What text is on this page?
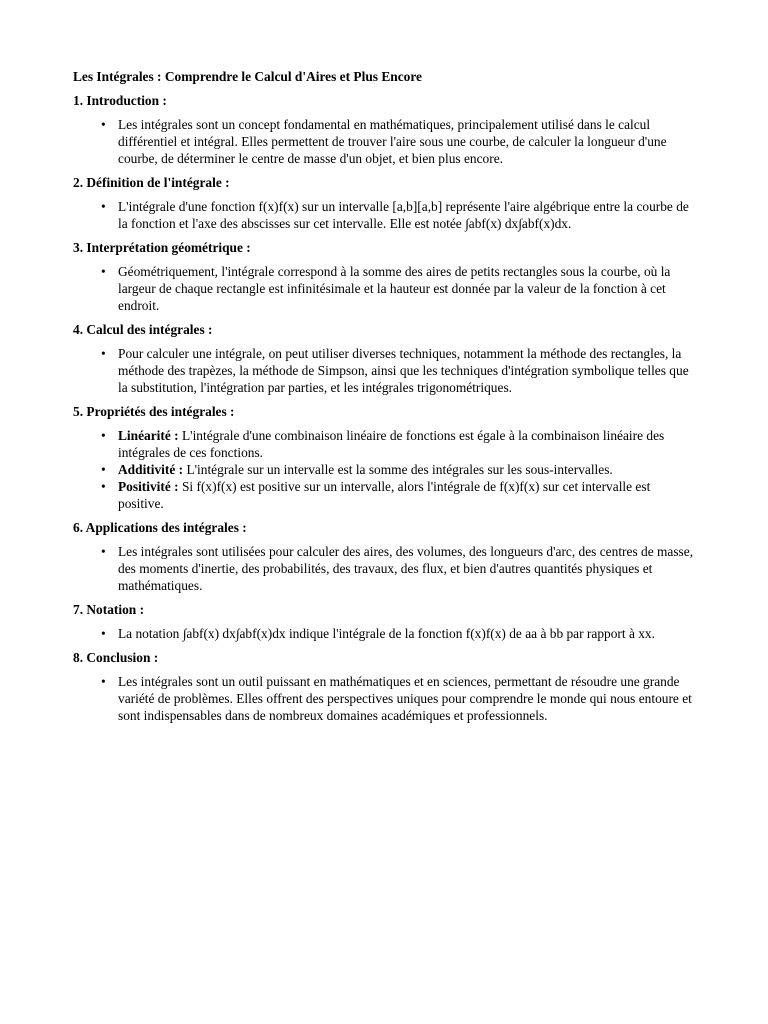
Les Intégrales : Comprendre le Calcul d'Aires et Plus Encore
1. Introduction :
• Les intégrales sont un concept fondamental en mathématiques, principalement utilisé dans le calcul différentiel et intégral. Elles permettent de trouver l'aire sous une courbe, de calculer la longueur d'une courbe, de déterminer le centre de masse d'un objet, et bien plus encore.
2. Définition de l'intégrale :
• L'intégrale d'une fonction f(x)f(x) sur un intervalle [a,b][a,b] représente l'aire algébrique entre la courbe de la fonction et l'axe des abscisses sur cet intervalle. Elle est notée ∫abf(x) dx∫abf(x)dx.
3. Interprétation géométrique :
• Géométriquement, l'intégrale correspond à la somme des aires de petits rectangles sous la courbe, où la largeur de chaque rectangle est infinitésimale et la hauteur est donnée par la valeur de la fonction à cet endroit.
4. Calcul des intégrales :
• Pour calculer une intégrale, on peut utiliser diverses techniques, notamment la méthode des rectangles, la méthode des trapèzes, la méthode de Simpson, ainsi que les techniques d'intégration symbolique telles que la substitution, l'intégration par parties, et les intégrales trigonométriques.
5. Propriétés des intégrales :
• Linéarité : L'intégrale d'une combinaison linéaire de fonctions est égale à la combinaison linéaire des intégrales de ces fonctions.
• Additivité : L'intégrale sur un intervalle est la somme des intégrales sur les sous-intervalles.
• Positivité : Si f(x)f(x) est positive sur un intervalle, alors l'intégrale de f(x)f(x) sur cet intervalle est positive.
6. Applications des intégrales :
• Les intégrales sont utilisées pour calculer des aires, des volumes, des longueurs d'arc, des centres de masse, des moments d'inertie, des probabilités, des travaux, des flux, et bien d'autres quantités physiques et mathématiques.
7. Notation :
• La notation ∫abf(x) dx∫abf(x)dx indique l'intégrale de la fonction f(x)f(x) de aa à bb par rapport à xx.
8. Conclusion :
• Les intégrales sont un outil puissant en mathématiques et en sciences, permettant de résoudre une grande variété de problèmes. Elles offrent des perspectives uniques pour comprendre le monde qui nous entoure et sont indispensables dans de nombreux domaines académiques et professionnels.
